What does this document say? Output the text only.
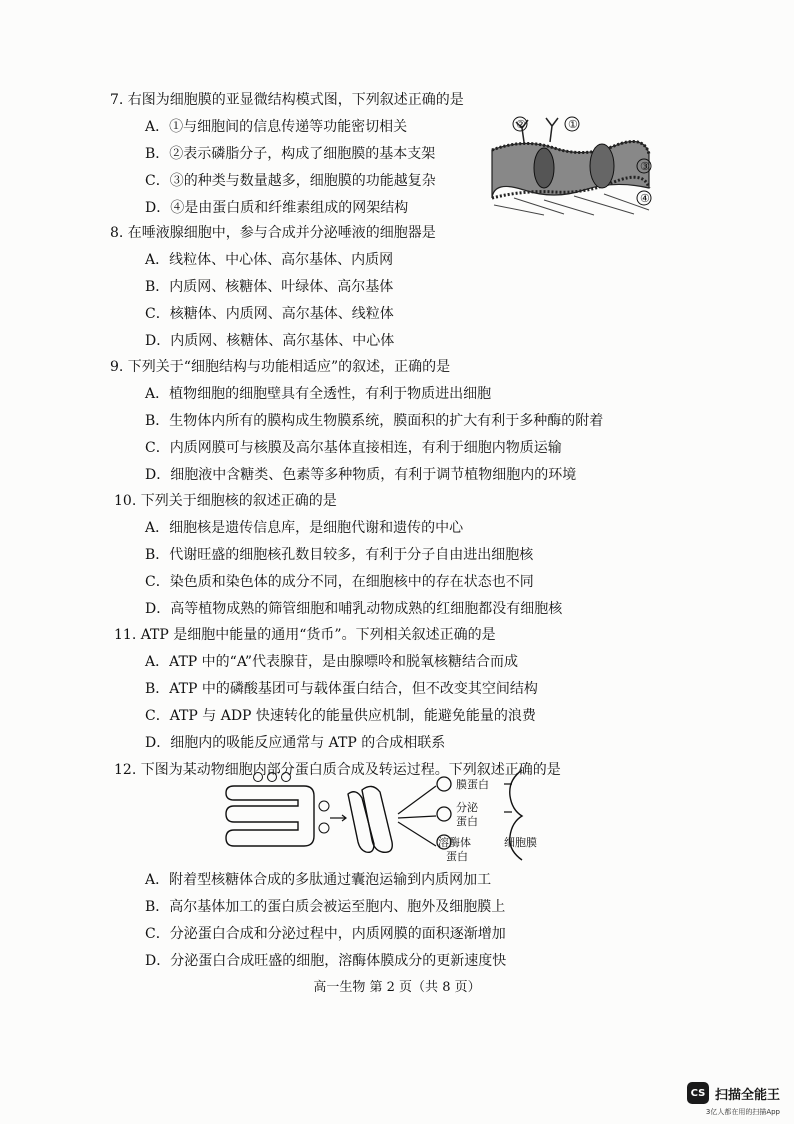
7. 右图为细胞膜的亚显微结构模式图，下列叙述正确的是
A．①与细胞间的信息传递等功能密切相关
B．②表示磷脂分子，构成了细胞膜的基本支架
C．③的种类与数量越多，细胞膜的功能越复杂
D．④是由蛋白质和纤维素组成的网架结构
②	①
③
④
8. 在唾液腺细胞中，参与合成并分泌唾液的细胞器是
A．线粒体、中心体、高尔基体、内质网
B．内质网、核糖体、叶绿体、高尔基体
C．核糖体、内质网、高尔基体、线粒体
D．内质网、核糖体、高尔基体、中心体
9. 下列关于“细胞结构与功能相适应”的叙述，正确的是
A．植物细胞的细胞壁具有全透性，有利于物质进出细胞
B．生物体内所有的膜构成生物膜系统，膜面积的扩大有利于多种酶的附着
C．内质网膜可与核膜及高尔基体直接相连，有利于细胞内物质运输
D．细胞液中含糖类、色素等多种物质，有利于调节植物细胞内的环境
10. 下列关于细胞核的叙述正确的是
A．细胞核是遗传信息库，是细胞代谢和遗传的中心
B．代谢旺盛的细胞核孔数目较多，有利于分子自由进出细胞核
C．染色质和染色体的成分不同，在细胞核中的存在状态也不同
D．高等植物成熟的筛管细胞和哺乳动物成熟的红细胞都没有细胞核
11. ATP 是细胞中能量的通用“货币”。下列相关叙述正确的是
A．ATP 中的“A”代表腺苷，是由腺嘌呤和脱氧核糖结合而成
B．ATP 中的磷酸基团可与载体蛋白结合，但不改变其空间结构
C．ATP 与 ADP 快速转化的能量供应机制，能避免能量的浪费
D．细胞内的吸能反应通常与 ATP 的合成相联系
12. 下图为某动物细胞内部分蛋白质合成及转运过程。下列叙述正确的是
膜蛋白
分泌
蛋白
溶酶体
蛋白
细胞膜
A．附着型核糖体合成的多肽通过囊泡运输到内质网加工
B．高尔基体加工的蛋白质会被运至胞内、胞外及细胞膜上
C．分泌蛋白合成和分泌过程中，内质网膜的面积逐渐增加
D．分泌蛋白合成旺盛的细胞，溶酶体膜成分的更新速度快
高一生物 第 2 页（共 8 页）
CS 扫描全能王
3亿人都在用的扫描App
